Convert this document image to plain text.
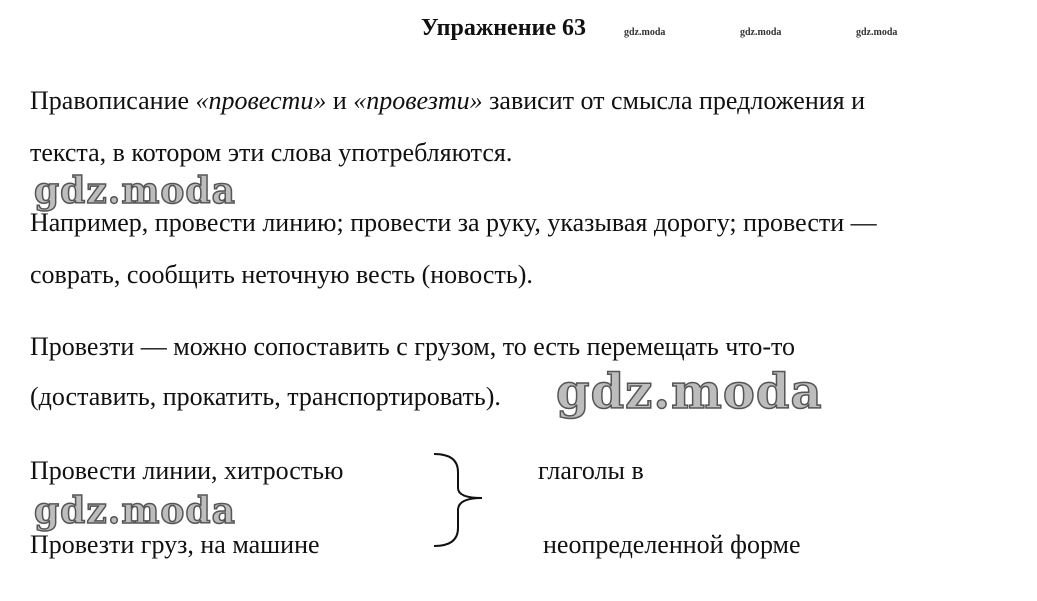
Упражнение 63	gdz.moda	gdz.moda	gdz.moda
Правописание «провести» и «провезти» зависит от смысла предложения и
текста, в котором эти слова употребляются.
gdz.moda
Например, провести линию; провести за руку, указывая дорогу; провести —
соврать, сообщить неточную весть (новость).
Провезти — можно сопоставить с грузом, то есть перемещать что-то
(доставить, прокатить, транспортировать). gdz.moda
Провести линии, хитростью
gdz.moda
Провезти груз, на машине
глаголы в
неопределенной форме
